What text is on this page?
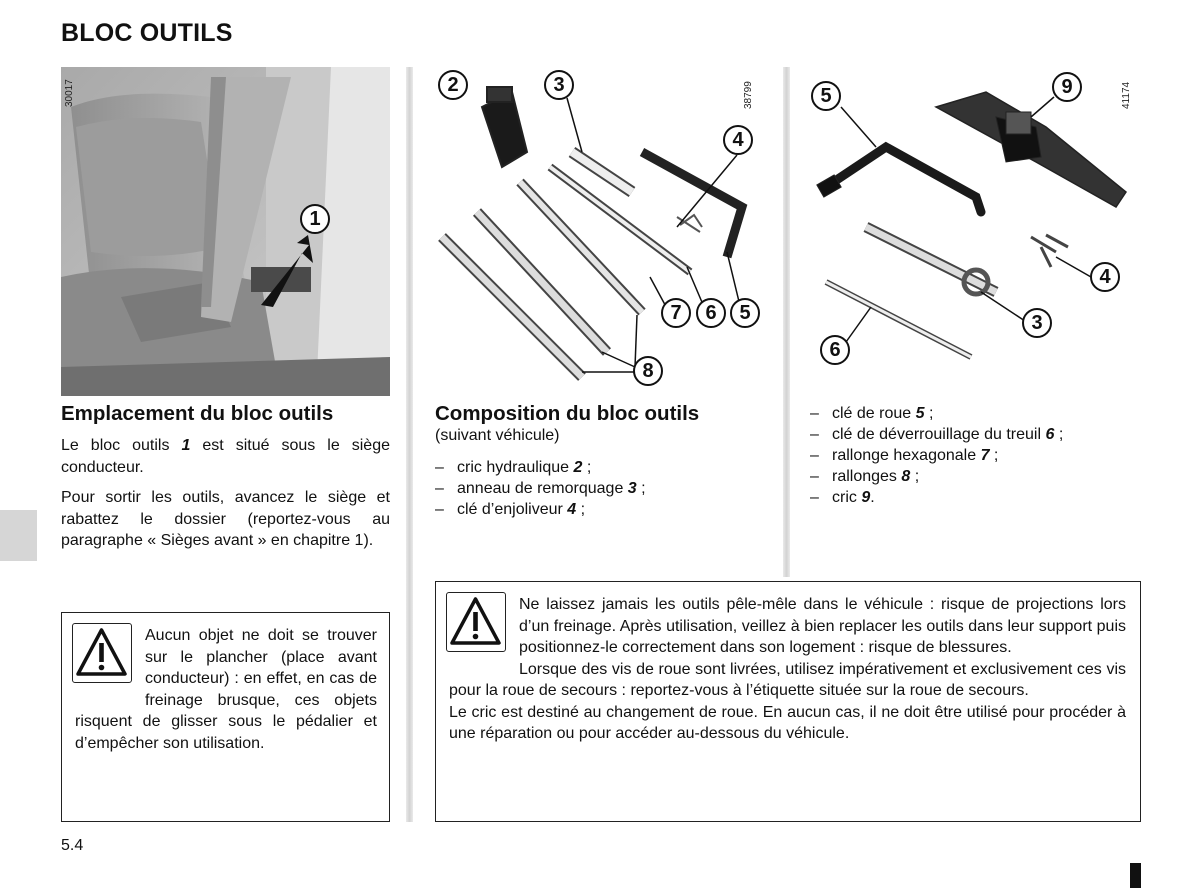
BLOC OUTILS
30017
1
Emplacement du bloc outils
Le bloc outils 1 est situé sous le siège conducteur.
Pour sortir les outils, avancez le siège et rabattez le dossier (reportez-vous au paragraphe « Sièges avant » en chapitre 1).
Aucun objet ne doit se trouver sur le plancher (place avant conducteur) : en effet, en cas de freinage brusque, ces objets risquent de glisser sous le pédalier et d’empêcher son utilisation.
38799
2	3
4
7	6	5
8
Composition du bloc outils
(suivant véhicule)
– cric hydraulique 2 ;
– anneau de remorquage 3 ;
– clé d’enjoliveur 4 ;
41174
5	9
4
3
6
– clé de roue 5 ;
– clé de déverrouillage du treuil 6 ;
– rallonge hexagonale 7 ;
– rallonges 8 ;
– cric 9.
Ne laissez jamais les outils pêle-mêle dans le véhicule : risque de projections lors d’un freinage. Après utilisation, veillez à bien replacer les outils dans leur support puis positionnez-le correctement dans son logement : risque de blessures.
Lorsque des vis de roue sont livrées, utilisez impérativement et exclusivement ces vis pour la roue de secours : reportez-vous à l’étiquette située sur la roue de secours.
Le cric est destiné au changement de roue. En aucun cas, il ne doit être utilisé pour procéder à une réparation ou pour accéder au-dessous du véhicule.
5.4
